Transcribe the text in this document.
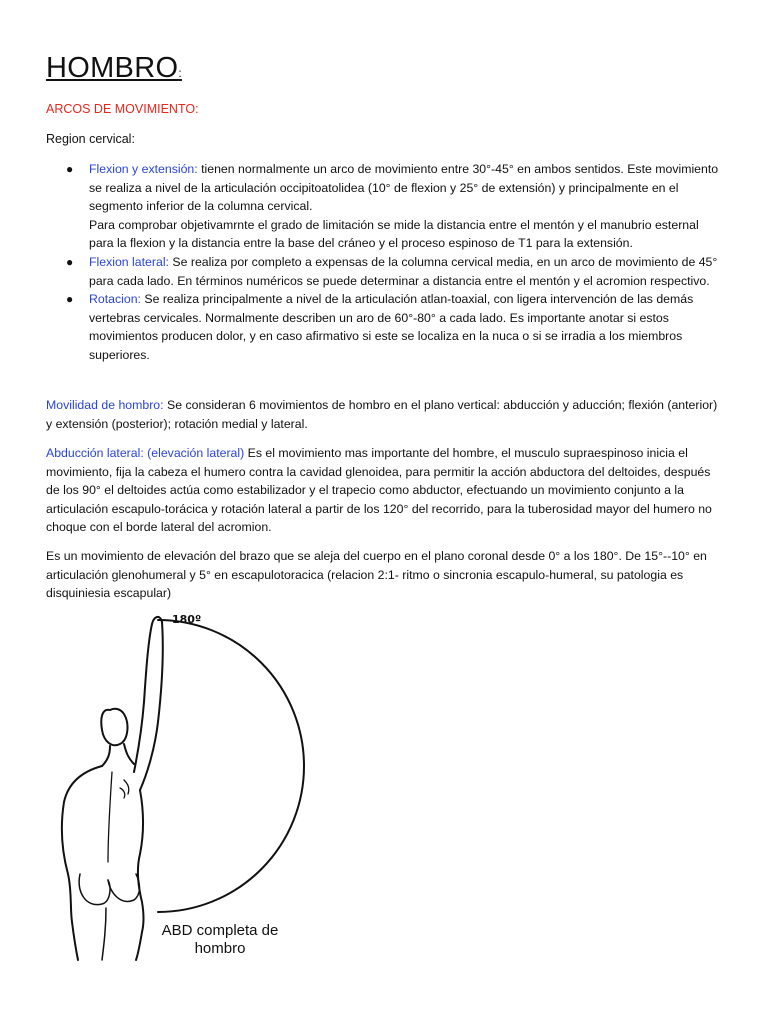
HOMBRO:
ARCOS DE MOVIMIENTO:
Region cervical:
● Flexion y extensión: tienen normalmente un arco de movimiento entre 30°-45° en ambos sentidos. Este movimiento se realiza a nivel de la articulación occipitoatolidea (10° de flexion y 25° de extensión) y principalmente en el segmento inferior de la columna cervical.
Para comprobar objetivamrnte el grado de limitación se mide la distancia entre el mentón y el manubrio esternal para la flexion y la distancia entre la base del cráneo y el proceso espinoso de T1 para la extensión.
● Flexion lateral: Se realiza por completo a expensas de la columna cervical media, en un arco de movimiento de 45° para cada lado. En términos numéricos se puede determinar a distancia entre el mentón y el acromion respectivo.
● Rotacion: Se realiza principalmente a nivel de la articulación atlan-toaxial, con ligera intervención de las demás vertebras cervicales. Normalmente describen un aro de 60°-80° a cada lado. Es importante anotar si estos movimientos producen dolor, y en caso afirmativo si este se localiza en la nuca o si se irradia a los miembros superiores.

Movilidad de hombro: Se consideran 6 movimientos de hombro en el plano vertical: abducción y aducción; flexión (anterior) y extensión (posterior); rotación medial y lateral.

Abducción lateral: (elevación lateral) Es el movimiento mas importante del hombre, el musculo supraespinoso inicia el movimiento, fija la cabeza el humero contra la cavidad glenoidea, para permitir la acción abductora del deltoides, después de los 90° el deltoides actúa como estabilizador y el trapecio como abductor, efectuando un movimiento conjunto a la articulación escapulo-torácica y rotación lateral a partir de los 120° del recorrido, para la tuberosidad mayor del humero no choque con el borde lateral del acromion.

Es un movimiento de elevación del brazo que se aleja del cuerpo en el plano coronal desde 0° a los 180°. De 15°-‐10° en articulación glenohumeral y 5° en escapulotoracica (relacion 2:1- ritmo o sincronia escapulo-humeral, su patologia es disquiniesia escapular)

180º
ABD completa de hombro
